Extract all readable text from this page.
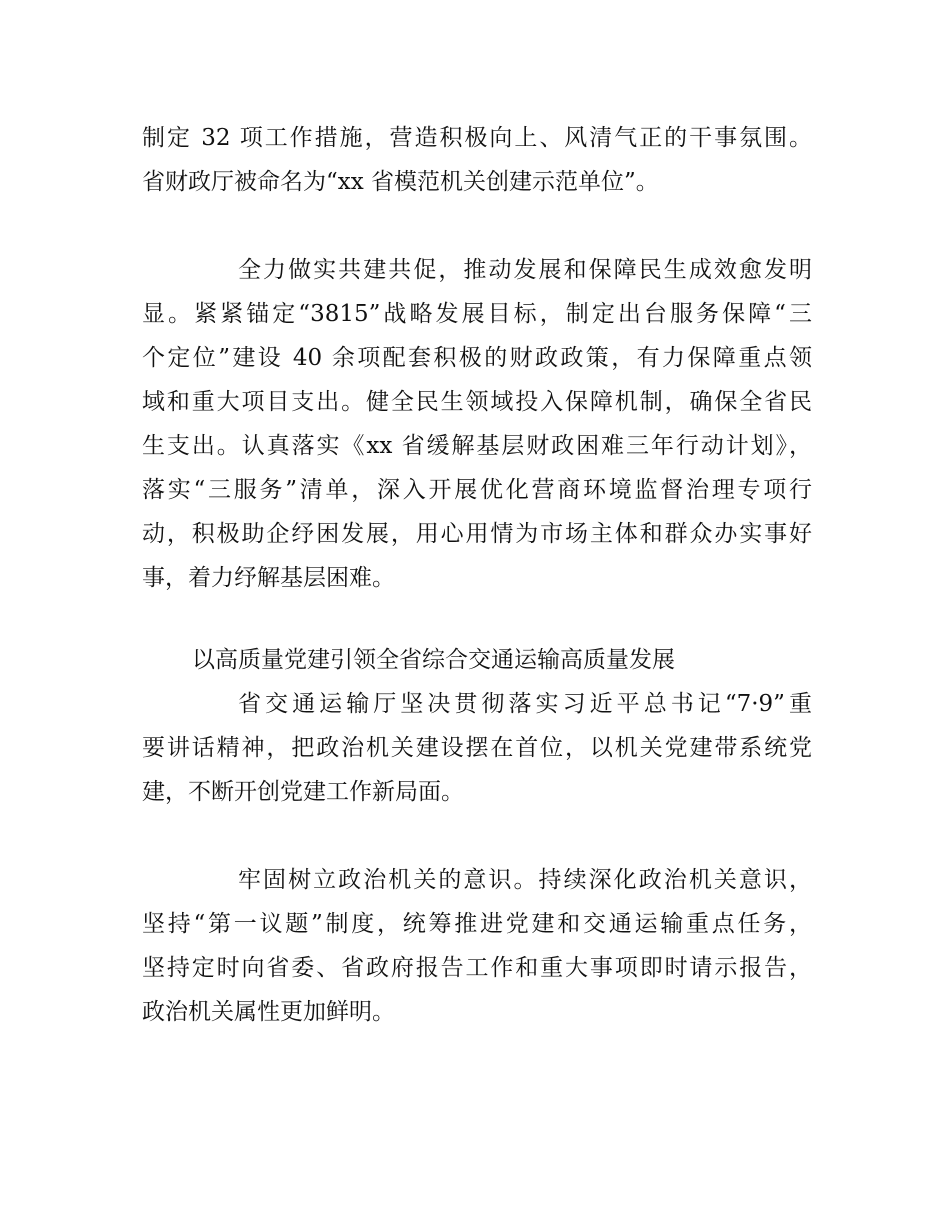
制定 32 项工作措施，营造积极向上、风清气正的干事氛围。
省财政厅被命名为“xx 省模范机关创建示范单位”。
全力做实共建共促，推动发展和保障民生成效愈发明
显。紧紧锚定“3815”战略发展目标，制定出台服务保障“三
个定位”建设 40 余项配套积极的财政政策，有力保障重点领
域和重大项目支出。健全民生领域投入保障机制，确保全省民
生支出。认真落实《xx 省缓解基层财政困难三年行动计划》，
落实“三服务”清单，深入开展优化营商环境监督治理专项行
动，积极助企纾困发展，用心用情为市场主体和群众办实事好
事，着力纾解基层困难。
以高质量党建引领全省综合交通运输高质量发展
省交通运输厅坚决贯彻落实习近平总书记“7·9”重
要讲话精神，把政治机关建设摆在首位，以机关党建带系统党
建，不断开创党建工作新局面。
牢固树立政治机关的意识。持续深化政治机关意识，
坚持“第一议题”制度，统筹推进党建和交通运输重点任务，
坚持定时向省委、省政府报告工作和重大事项即时请示报告，
政治机关属性更加鲜明。
